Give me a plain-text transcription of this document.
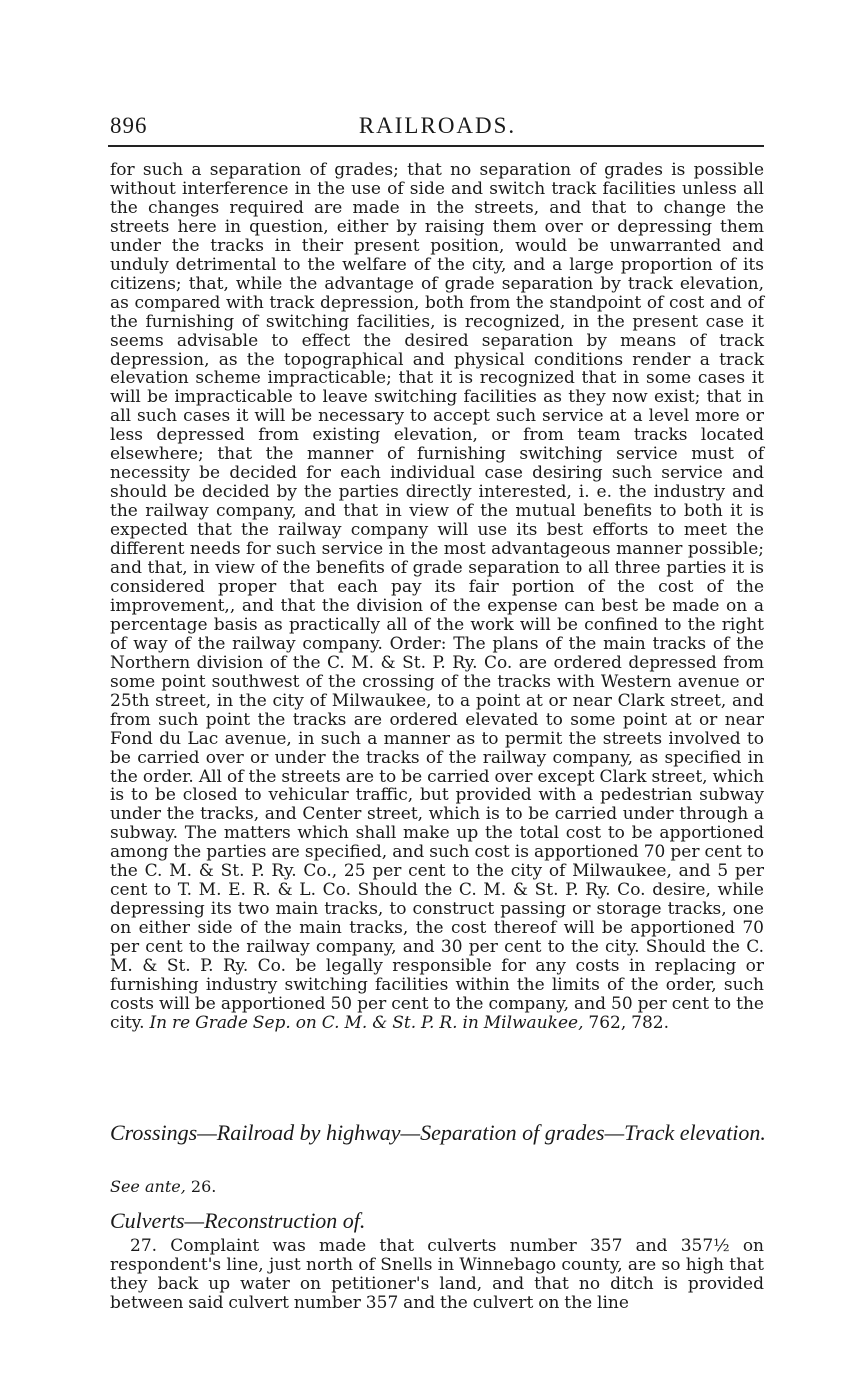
896	RAILROADS.

for such a separation of grades; that no separation of grades is possible without interference in the use of side and switch track facilities unless all the changes required are made in the streets, and that to change the streets here in question, either by raising them over or depressing them under the tracks in their present position, would be unwarranted and unduly detrimental to the welfare of the city, and a large proportion of its citizens; that, while the advantage of grade separation by track elevation, as compared with track depression, both from the standpoint of cost and of the furnishing of switching facilities, is recognized, in the present case it seems advisable to effect the desired separation by means of track depression, as the topographical and physical conditions render a track elevation scheme impracticable; that it is recognized that in some cases it will be impracticable to leave switching facilities as they now exist; that in all such cases it will be necessary to accept such service at a level more or less depressed from existing elevation, or from team tracks located elsewhere; that the manner of furnishing switching service must of necessity be decided for each individual case desiring such service and should be decided by the parties directly interested, i. e. the industry and the railway company, and that in view of the mutual benefits to both it is expected that the railway company will use its best efforts to meet the different needs for such service in the most advantageous manner possible; and that, in view of the benefits of grade separation to all three parties it is considered proper that each pay its fair portion of the cost of the improvement,, and that the division of the expense can best be made on a percentage basis as practically all of the work will be confined to the right of way of the railway company. Order: The plans of the main tracks of the Northern division of the C. M. & St. P. Ry. Co. are ordered depressed from some point southwest of the crossing of the tracks with Western avenue or 25th street, in the city of Milwaukee, to a point at or near Clark street, and from such point the tracks are ordered elevated to some point at or near Fond du Lac avenue, in such a manner as to permit the streets involved to be carried over or under the tracks of the railway company, as specified in the order. All of the streets are to be carried over except Clark street, which is to be closed to vehicular traffic, but provided with a pedestrian subway under the tracks, and Center street, which is to be carried under through a subway. The matters which shall make up the total cost to be apportioned among the parties are specified, and such cost is apportioned 70 per cent to the C. M. & St. P. Ry. Co., 25 per cent to the city of Milwaukee, and 5 per cent to T. M. E. R. & L. Co. Should the C. M. & St. P. Ry. Co. desire, while depressing its two main tracks, to construct passing or storage tracks, one on either side of the main tracks, the cost thereof will be apportioned 70 per cent to the railway company, and 30 per cent to the city. Should the C. M. & St. P. Ry. Co. be legally responsible for any costs in replacing or furnishing industry switching facilities within the limits of the order, such costs will be apportioned 50 per cent to the company, and 50 per cent to the city. In re Grade Sep. on C. M. & St. P. R. in Milwaukee, 762, 782.

Crossings—Railroad by highway—Separation of grades—Track elevation.
See ante, 26.
Culverts—Reconstruction of.
27. Complaint was made that culverts number 357 and 357½ on respondent's line, just north of Snells in Winnebago county, are so high that they back up water on petitioner's land, and that no ditch is provided between said culvert number 357 and the culvert on the line
